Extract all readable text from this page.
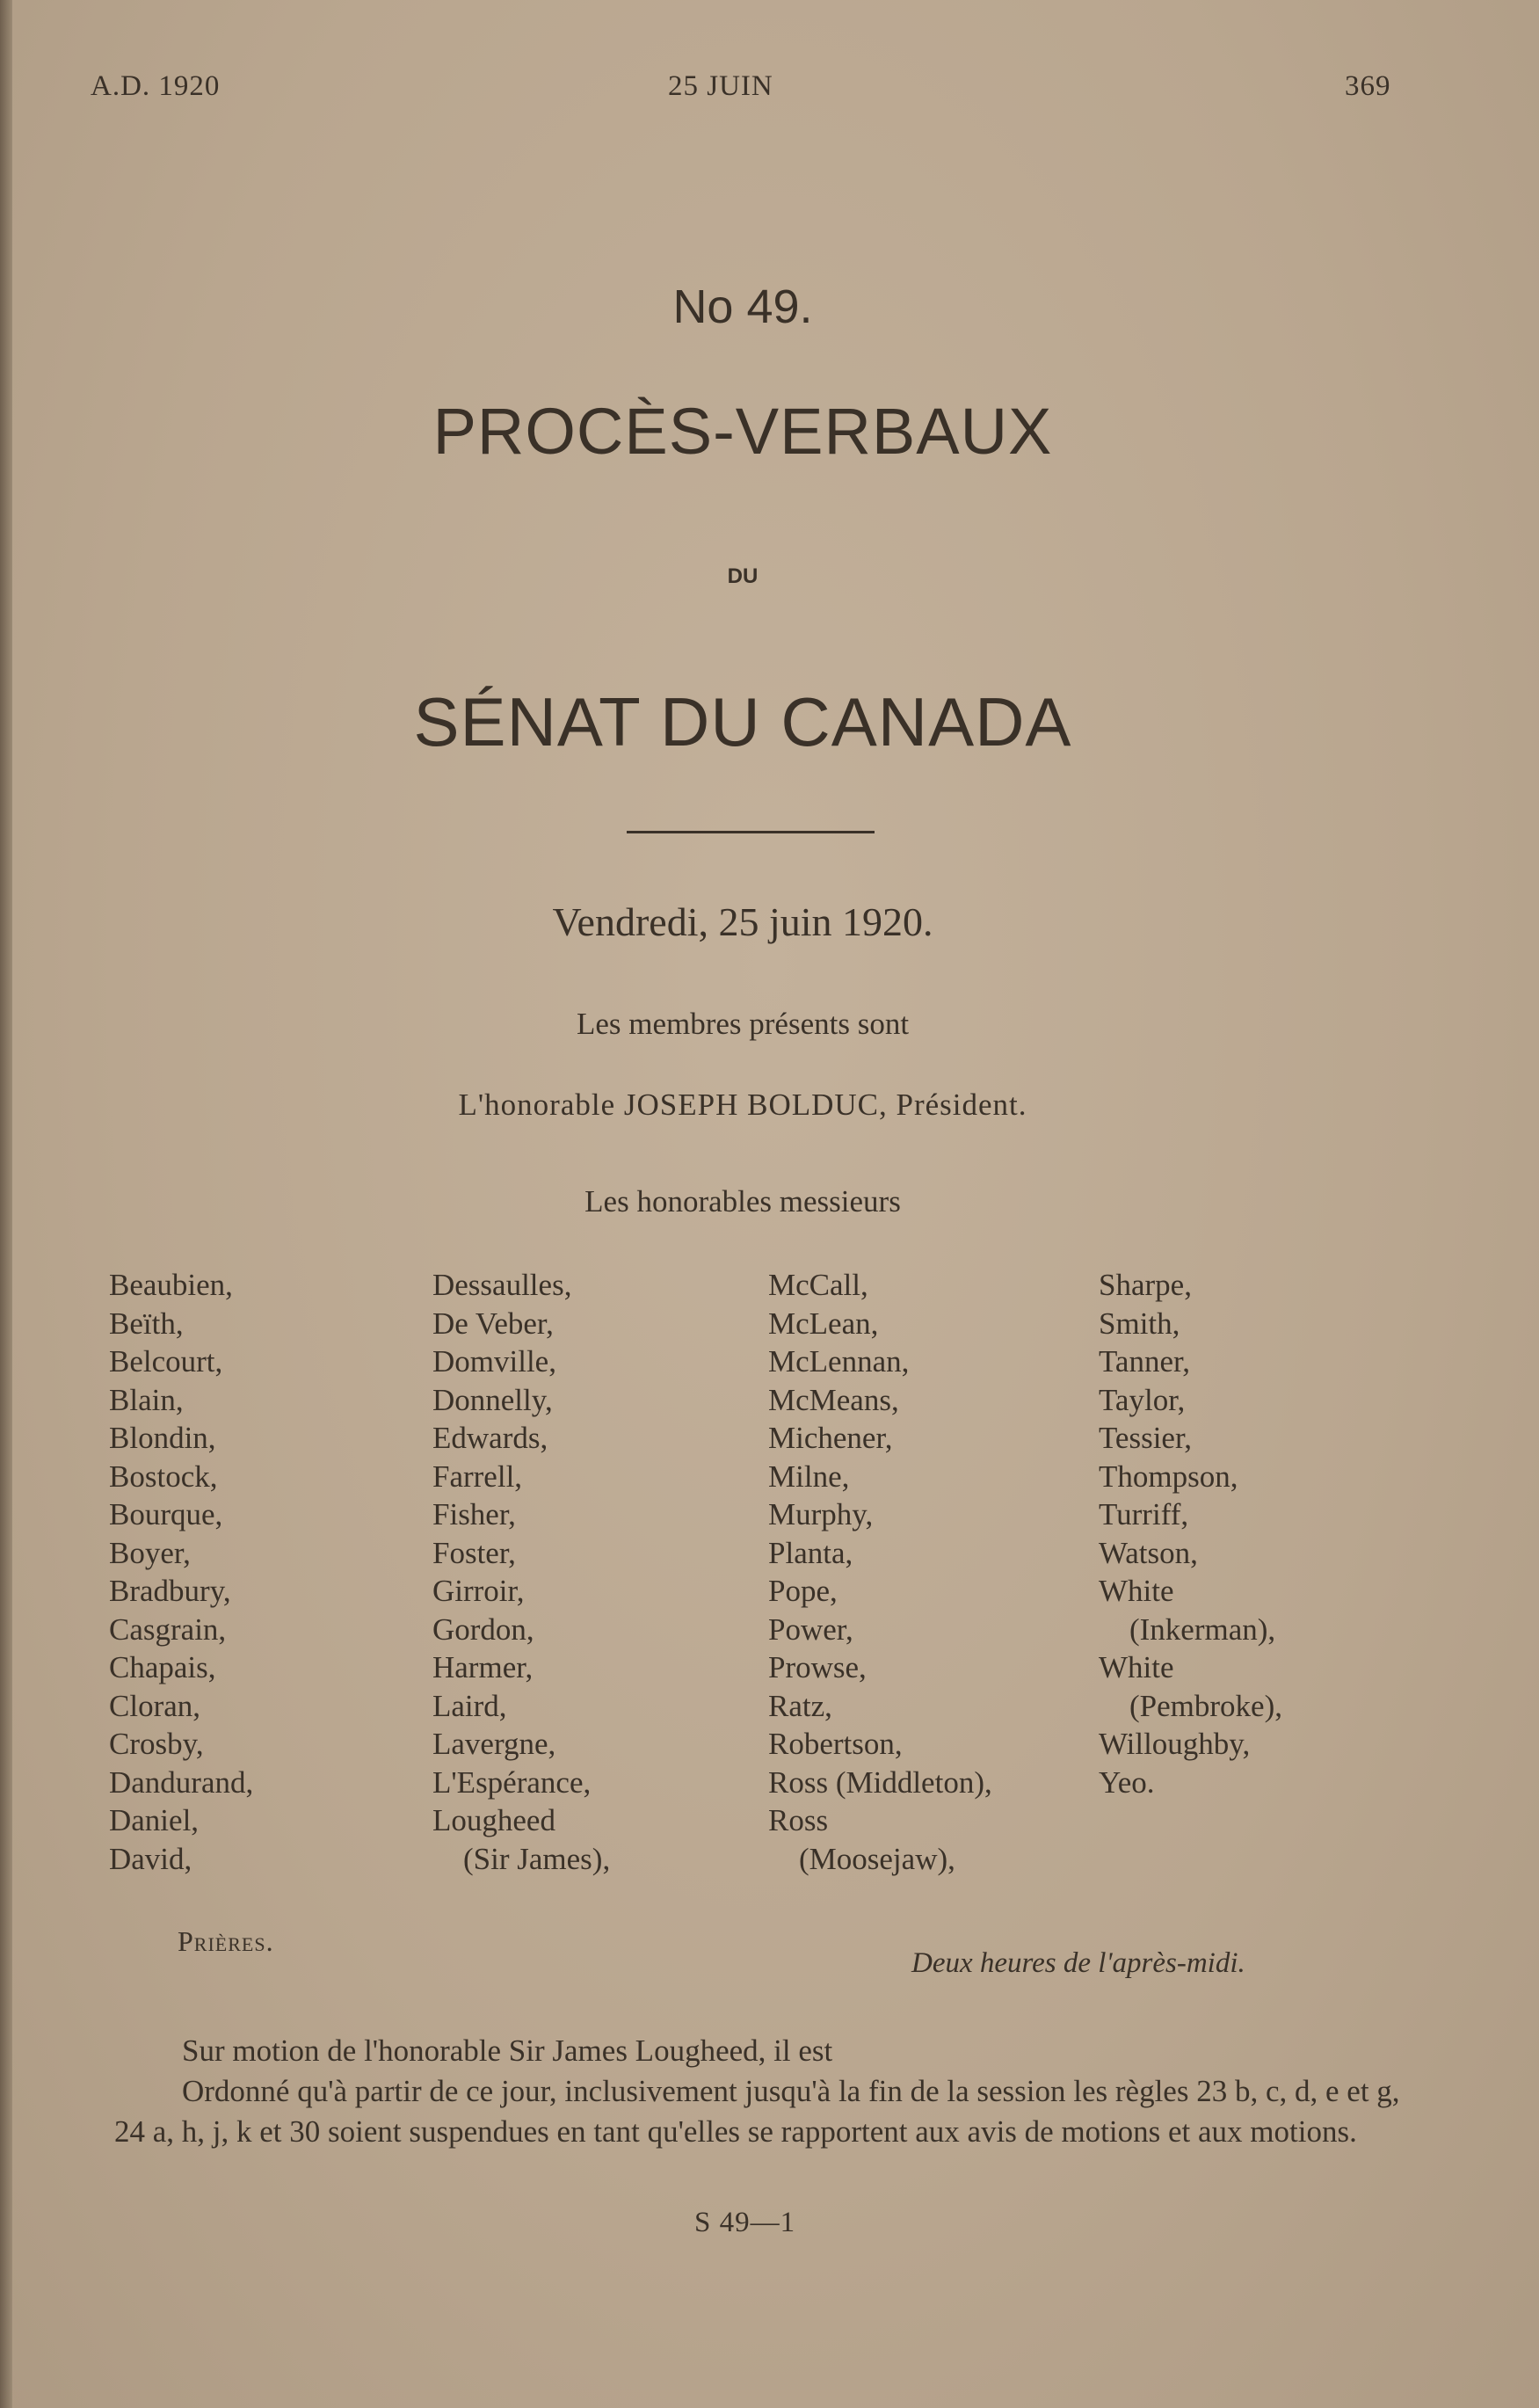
A.D. 1920	25 JUIN	369
No 49.
PROCÈS-VERBAUX
DU
SÉNAT DU CANADA
Vendredi, 25 juin 1920.
Les membres présents sont
L'honorable JOSEPH BOLDUC, Président.
Les honorables messieurs
Beaubien,
Beïth,
Belcourt,
Blain,
Blondin,
Bostock,
Bourque,
Boyer,
Bradbury,
Casgrain,
Chapais,
Cloran,
Crosby,
Dandurand,
Daniel,
David,
Dessaulles,
De Veber,
Domville,
Donnelly,
Edwards,
Farrell,
Fisher,
Foster,
Girroir,
Gordon,
Harmer,
Laird,
Lavergne,
L'Espérance,
Lougheed
(Sir James),
McCall,
McLean,
McLennan,
McMeans,
Michener,
Milne,
Murphy,
Planta,
Pope,
Power,
Prowse,
Ratz,
Robertson,
Ross (Middleton),
Ross
(Moosejaw),
Sharpe,
Smith,
Tanner,
Taylor,
Tessier,
Thompson,
Turriff,
Watson,
White
(Inkerman),
White
(Pembroke),
Willoughby,
Yeo.
Prières.
Deux heures de l'après-midi.

Sur motion de l'honorable Sir James Lougheed, il est

Ordonné qu'à partir de ce jour, inclusivement jusqu'à la fin de la session les règles 23 b, c, d, e et g, 24 a, h, j, k et 30 soient suspendues en tant qu'elles se rapportent aux avis de motions et aux motions.

S 49—1
